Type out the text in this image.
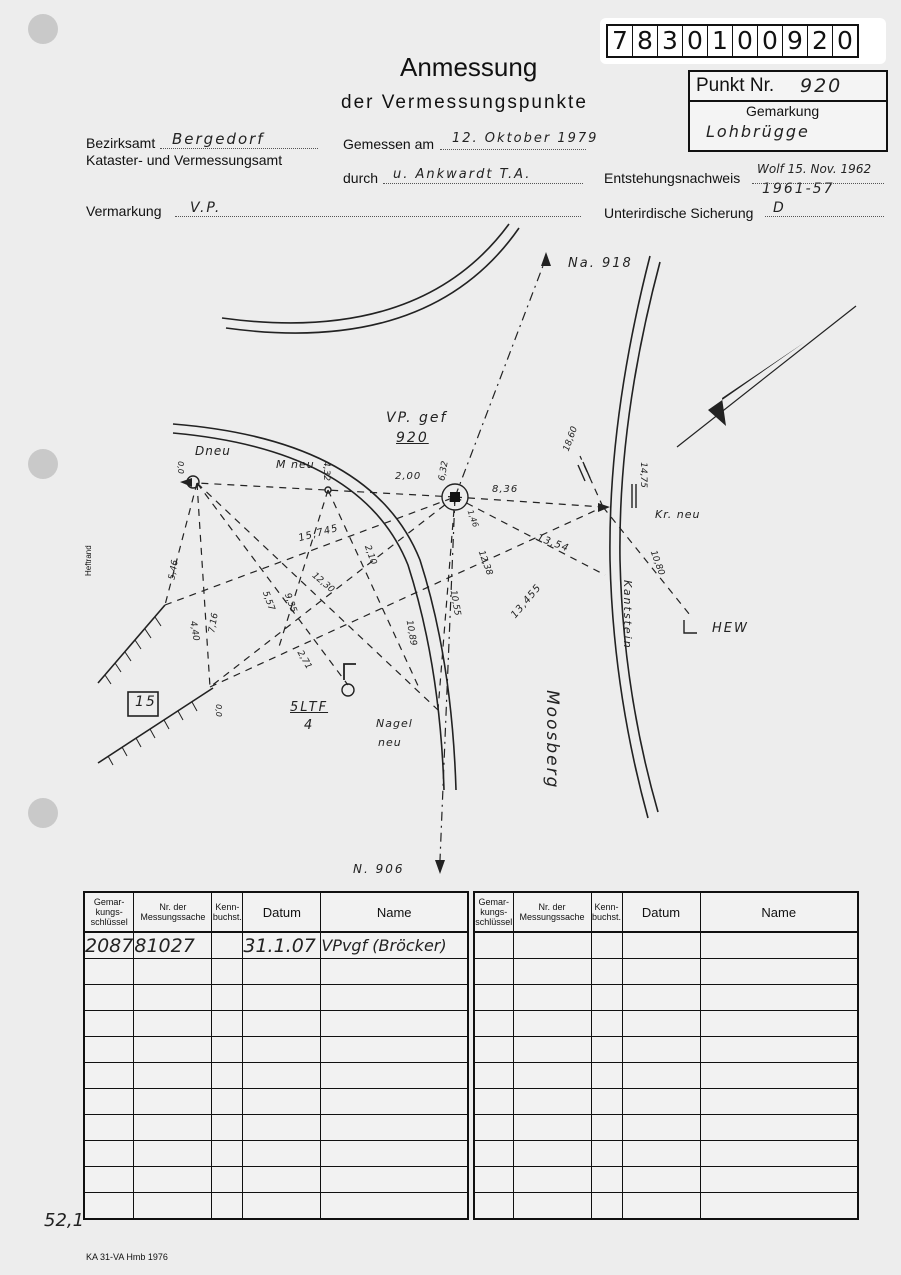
7 8 3 0 1 0 0 9 2 0
Punkt Nr. 920
Gemarkung
Lohbrügge
Anmessung
der Vermessungspunkte
Bezirksamt Bergedorf
Kataster- und Vermessungsamt
Gemessen am 12. Oktober 1979
durch u. Ankwardt T.A.	Entstehungsnachweis
Wolf 15. Nov. 1962
1961-57
Vermarkung V.P.	Unterirdische Sicherung D
Na. 918
VP. gef
920
Dneu
M neu
Kr. neu
HEW
Moosberg
Kantstein
Nagel
neu
5LTF
4
15
Heftrand
N. 906
2,00
8,36
15,745	13,54
13,455
4,32	6,32
12,38
10,55
10,89
12,30
2,10
9,35
5,57
2,71
5,46
7,16
4,40
18,60
14,75
10,80
0,0
0,0
1,46
Gemar-kungs-schlüssel	Nr. der Messungssache	Kenn-buchst.	Datum	Name
2087	81027		31.1.07	VPvgf (Bröcker)

Gemar-kungs-schlüssel	Nr. der Messungssache	Kenn-buchst.	Datum	Name

52,1
KA 31-VA Hmb 1976
